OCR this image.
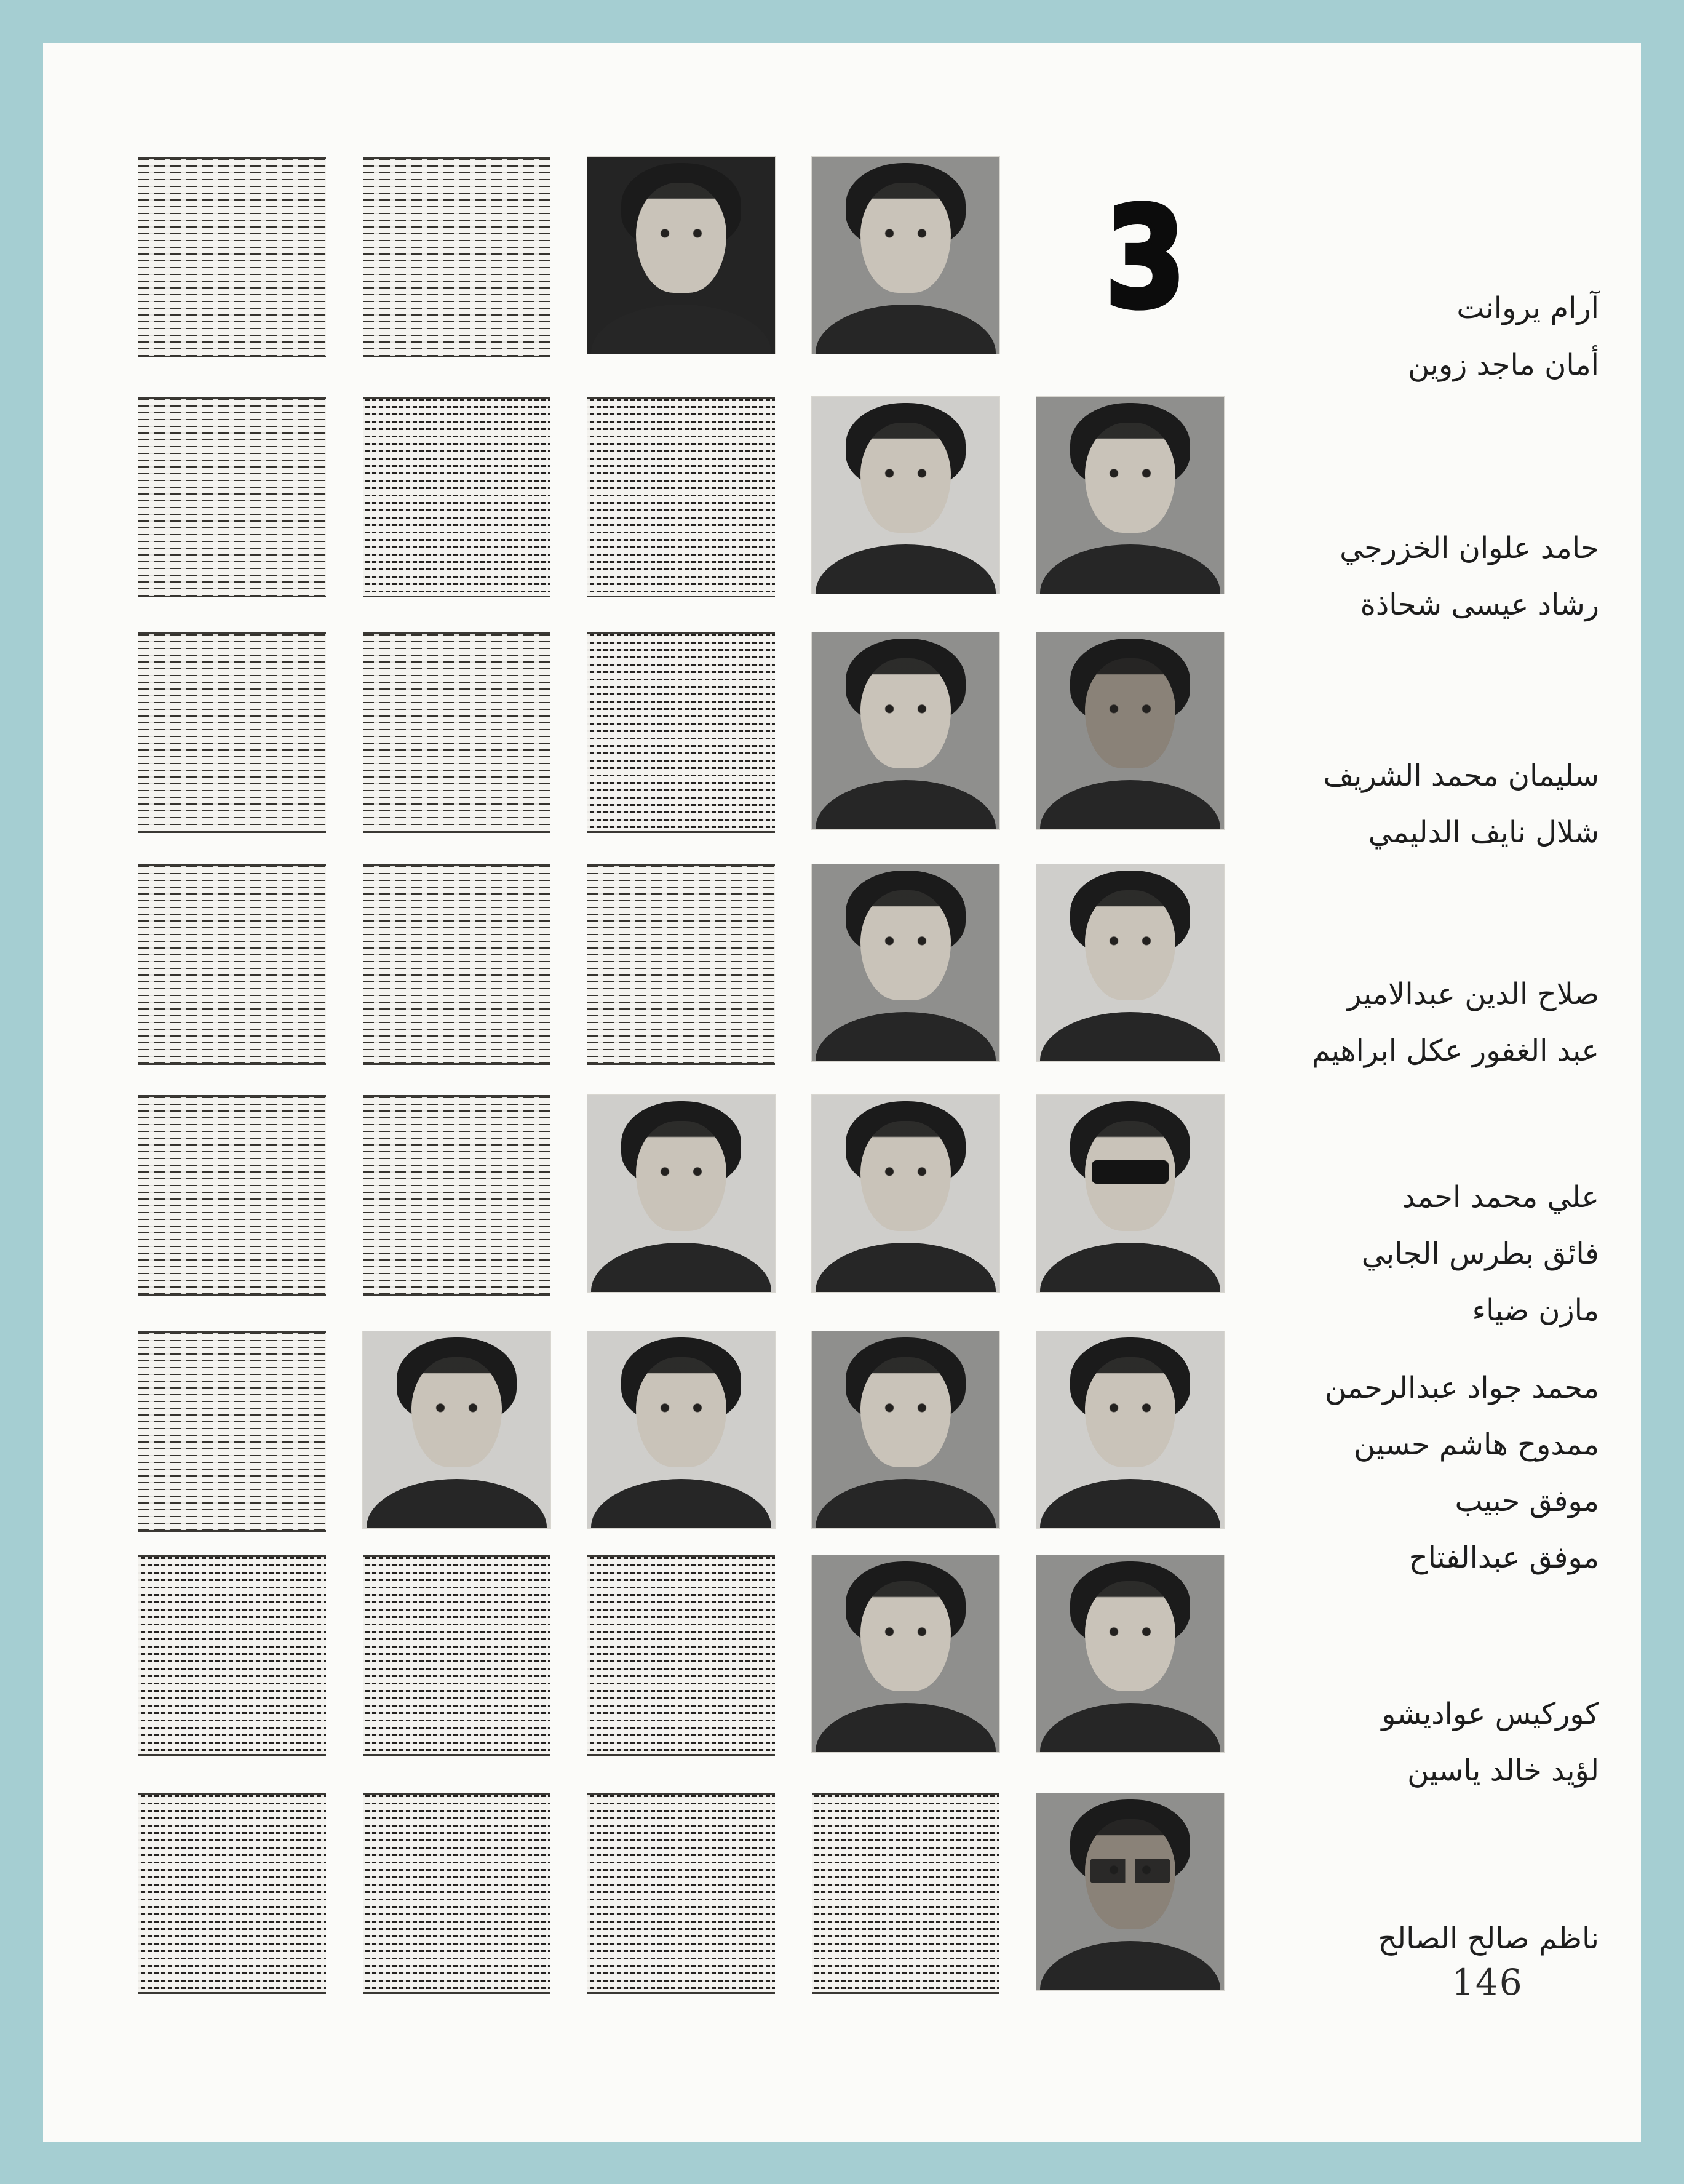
3	آرام يروانت
أمان ماجد زوين
حامد علوان الخزرجي
رشاد عيسى شحاذة
سليمان محمد الشريف
شلال نايف الدليمي
صلاح الدين عبدالامير
عبد الغفور عكل ابراهيم
علي محمد احمد
فائق بطرس الجابي
مازن ضياء
محمد جواد عبدالرحمن
ممدوح هاشم حسين
موفق حبيب
موفق عبدالفتاح
كوركيس عواديشو
لؤيد خالد ياسين
ناظم صالح الصالح
146
